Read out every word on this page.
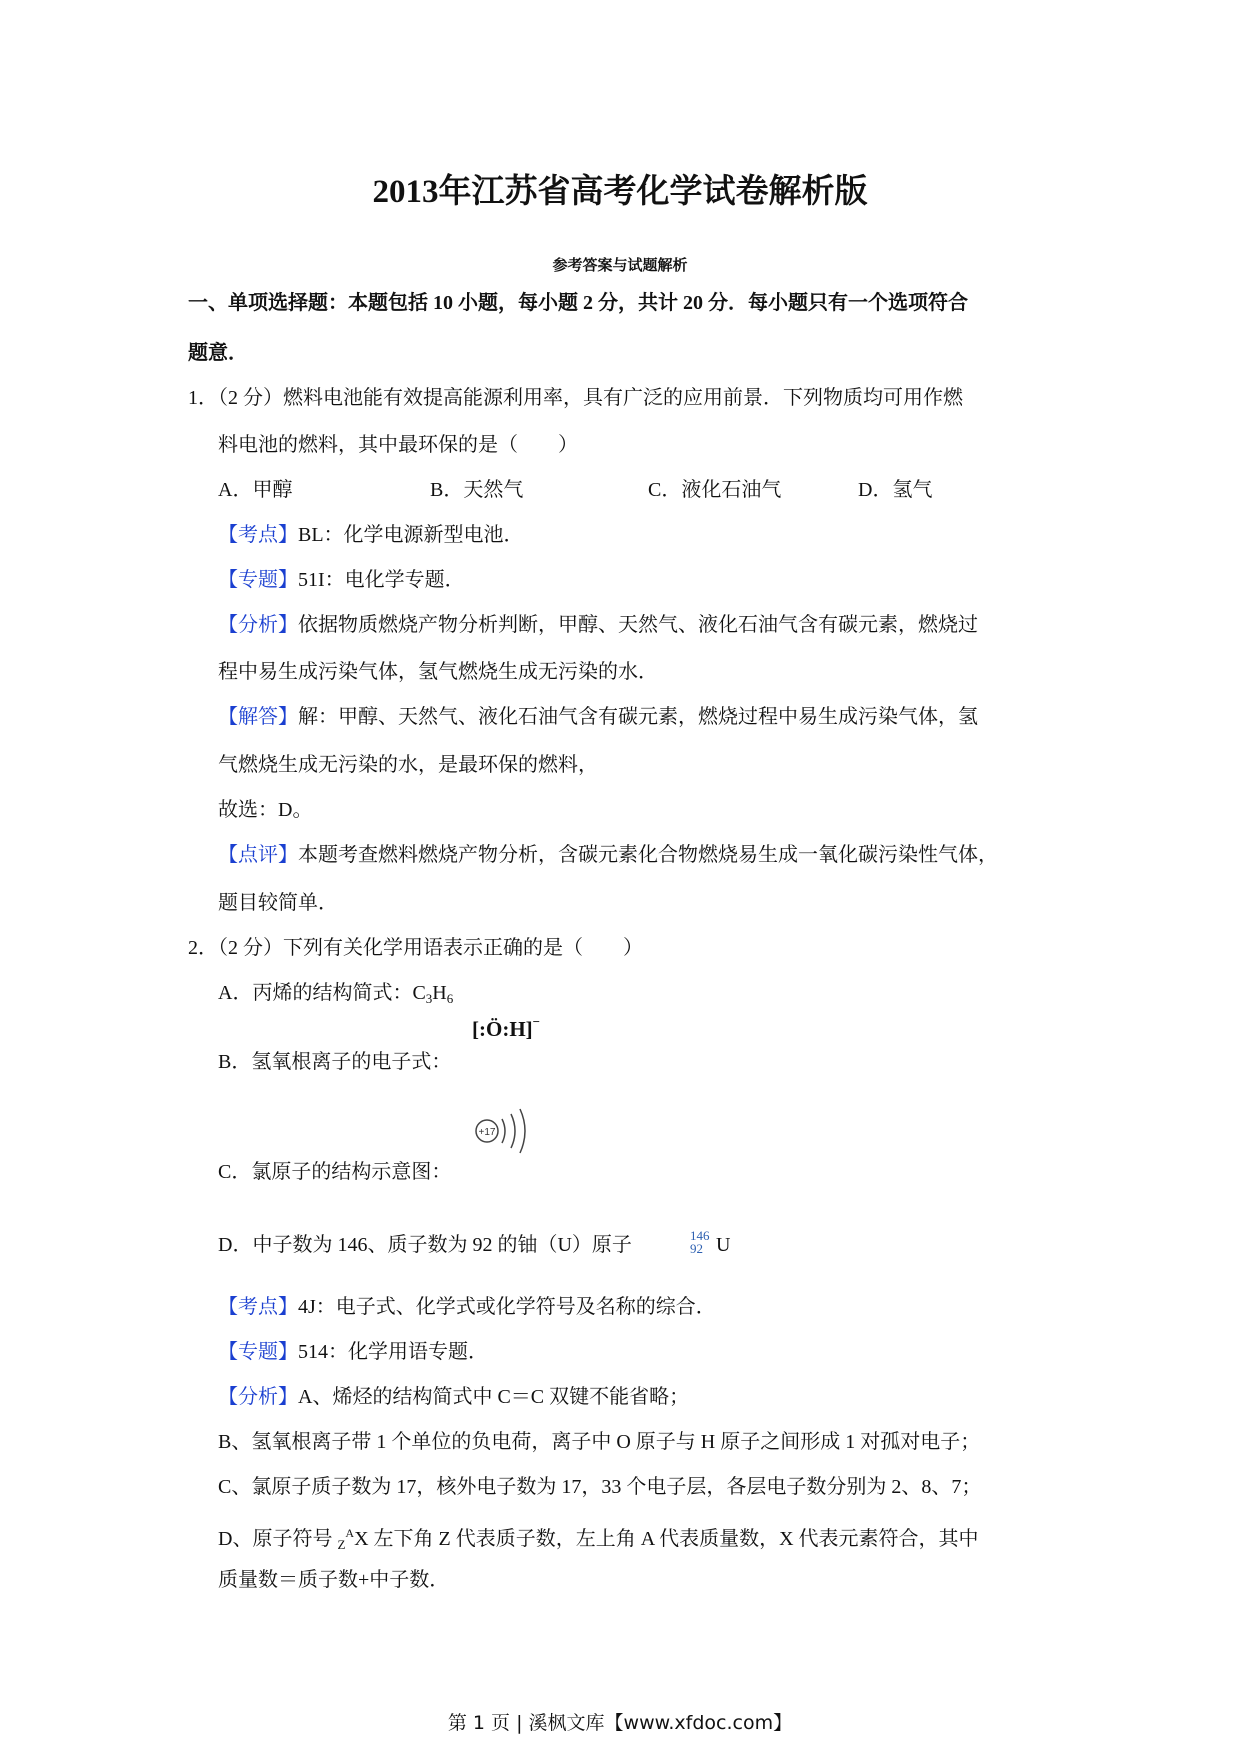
2013年江苏省高考化学试卷解析版
参考答案与试题解析
一、单项选择题：本题包括 10 小题，每小题 2 分，共计 20 分．每小题只有一个选项符合
题意．
1．（2 分）燃料电池能有效提高能源利用率，具有广泛的应用前景．下列物质均可用作燃
料电池的燃料，其中最环保的是（　　）
A．甲醇	B．天然气	C．液化石油气	D．氢气
【考点】BL：化学电源新型电池．
【专题】51I：电化学专题．
【分析】依据物质燃烧产物分析判断，甲醇、天然气、液化石油气含有碳元素，燃烧过
程中易生成污染气体，氢气燃烧生成无污染的水．
【解答】解：甲醇、天然气、液化石油气含有碳元素，燃烧过程中易生成污染气体，氢
气燃烧生成无污染的水，是最环保的燃料，
故选：D。
【点评】本题考查燃料燃烧产物分析，含碳元素化合物燃烧易生成一氧化碳污染性气体，
题目较简单．
2．（2 分）下列有关化学用语表示正确的是（　　）
A．丙烯的结构简式：$C_3H_6$
B．氢氧根离子的电子式：
[:Ö:H]−
C．氯原子的结构示意图：
+17
D．中子数为 146、质子数为 92 的铀（U）原子	146
92 U
【考点】4J：电子式、化学式或化学符号及名称的综合．
【专题】514：化学用语专题．
【分析】A、烯烃的结构简式中 C＝C 双键不能省略；
B、氢氧根离子带 1 个单位的负电荷，离子中 O 原子与 H 原子之间形成 1 对孤对电子；
C、氯原子质子数为 17，核外电子数为 17，33 个电子层，各层电子数分别为 2、8、7；
D、原子符号 $_Z^A$X 左下角 Z 代表质子数，左上角 A 代表质量数，X 代表元素符合，其中
质量数＝质子数+中子数．
第 1 页 | 溪枫文库【www.xfdoc.com】
